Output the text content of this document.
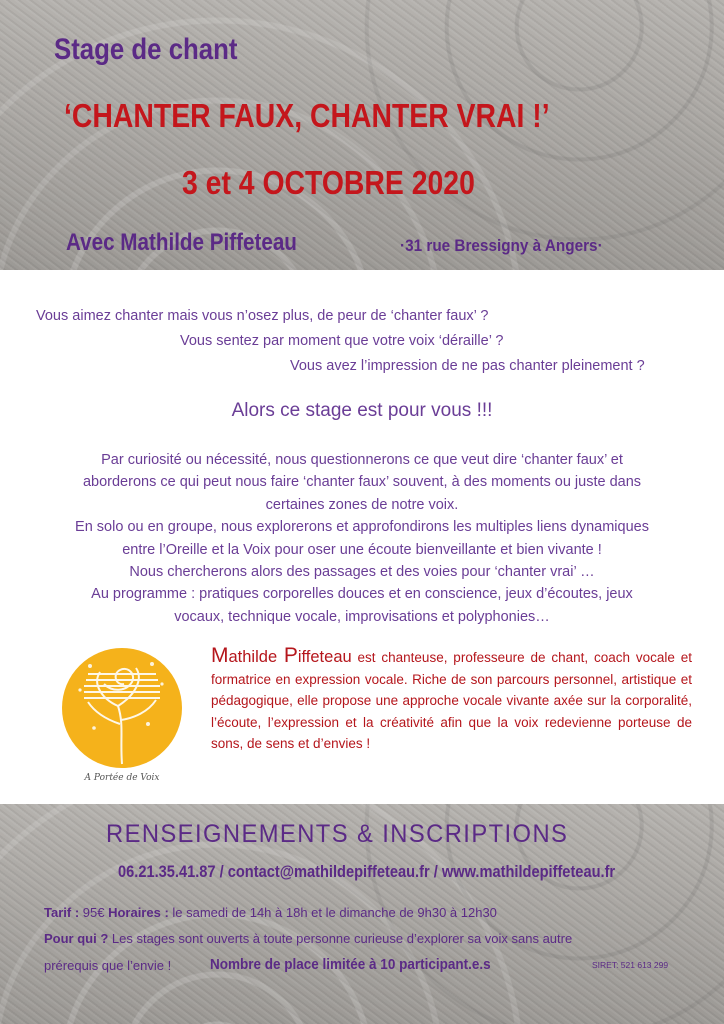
Stage de chant
‘CHANTER FAUX, CHANTER VRAI !’
3 et 4 OCTOBRE 2020
Avec Mathilde Piffeteau	·31 rue Bressigny à Angers·
Vous aimez chanter mais vous n’osez plus, de peur de ‘chanter faux’ ?
Vous sentez par moment que votre voix ‘déraille’ ?
Vous avez l’impression de ne pas chanter pleinement ?
Alors ce stage est pour vous !!!
Par curiosité ou nécessité, nous questionnerons ce que veut dire ‘chanter faux’ et
aborderons ce qui peut nous faire ‘chanter faux’ souvent, à des moments ou juste dans
certaines zones de notre voix.
En solo ou en groupe, nous explorerons et approfondirons les multiples liens dynamiques
entre l’Oreille et la Voix pour oser une écoute bienveillante et bien vivante !
Nous chercherons alors des passages et des voies pour ‘chanter vrai’ …
Au programme : pratiques corporelles douces et en conscience, jeux d’écoutes, jeux
vocaux, technique vocale, improvisations et polyphonies…
A Portée de Voix
Mathilde Piffeteau est chanteuse, professeure de chant, coach vocale et formatrice en expression vocale. Riche de son parcours personnel, artistique et pédagogique, elle propose une approche vocale vivante axée sur la corporalité, l’écoute, l’expression et la créativité afin que la voix redevienne porteuse de sons, de sens et d’envies !
RENSEIGNEMENTS & INSCRIPTIONS
06.21.35.41.87 / contact@mathildepiffeteau.fr / www.mathildepiffeteau.fr
Tarif : 95€ Horaires : le samedi de 14h à 18h et le dimanche de 9h30 à 12h30
Pour qui ? Les stages sont ouverts à toute personne curieuse d’explorer sa voix sans autre
prérequis que l’envie !	Nombre de place limitée à 10 participant.e.s	SIRET: 521 613 299
